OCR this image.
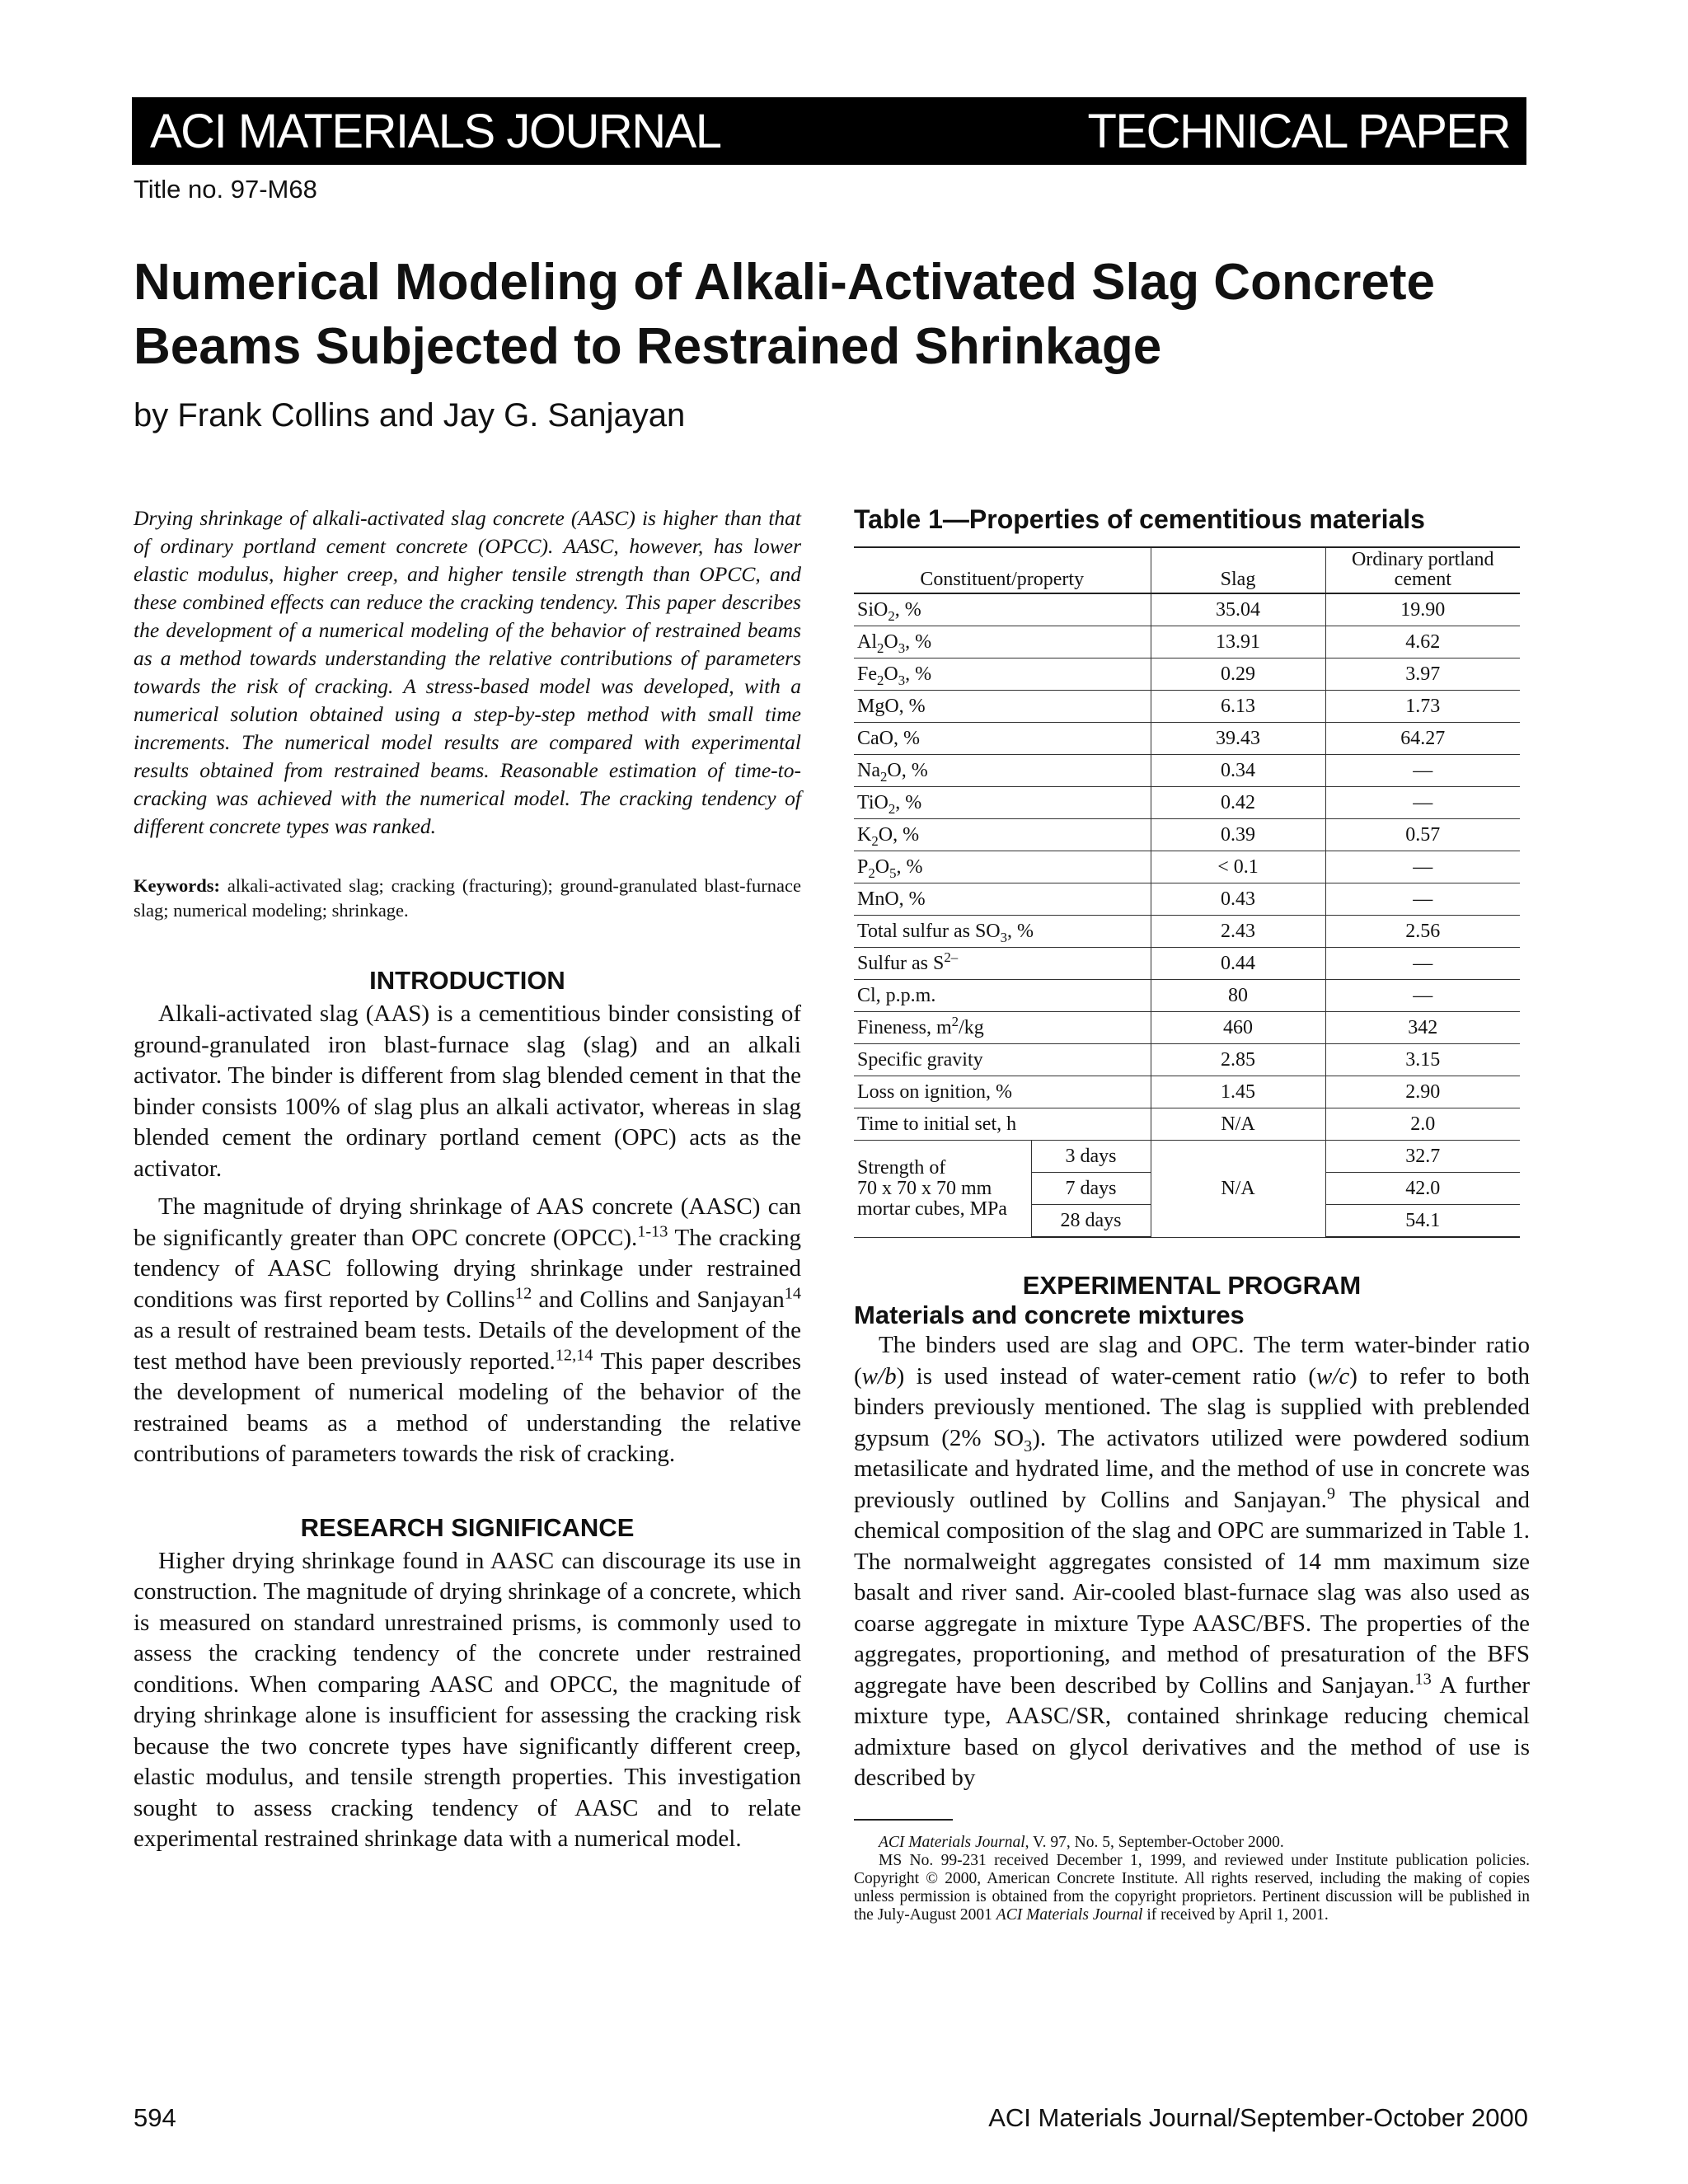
ACI MATERIALS JOURNAL	TECHNICAL PAPER
Title no. 97-M68
Numerical Modeling of Alkali-Activated Slag Concrete Beams Subjected to Restrained Shrinkage
by Frank Collins and Jay G. Sanjayan

Drying shrinkage of alkali-activated slag concrete (AASC) is higher than that of ordinary portland cement concrete (OPCC). AASC, however, has lower elastic modulus, higher creep, and higher tensile strength than OPCC, and these combined effects can reduce the cracking tendency. This paper describes the development of a numerical modeling of the behavior of restrained beams as a method towards understanding the relative contributions of parameters towards the risk of cracking. A stress-based model was developed, with a numerical solution obtained using a step-by-step method with small time increments. The numerical model results are compared with experimental results obtained from restrained beams. Reasonable estimation of time-to-cracking was achieved with the numerical model. The cracking tendency of different concrete types was ranked.

Keywords: alkali-activated slag; cracking (fracturing); ground-granulated blast-furnace slag; numerical modeling; shrinkage.

INTRODUCTION

Alkali-activated slag (AAS) is a cementitious binder consisting of ground-granulated iron blast-furnace slag (slag) and an alkali activator. The binder is different from slag blended cement in that the binder consists 100% of slag plus an alkali activator, whereas in slag blended cement the ordinary portland cement (OPC) acts as the activator.

The magnitude of drying shrinkage of AAS concrete (AASC) can be significantly greater than OPC concrete (OPCC).$^{1-13}$ The cracking tendency of AASC following drying shrinkage under restrained conditions was first reported by Collins$^{12}$ and Collins and Sanjayan$^{14}$ as a result of restrained beam tests. Details of the development of the test method have been previously reported.$^{12,14}$ This paper describes the development of numerical modeling of the behavior of the restrained beams as a method of understanding the relative contributions of parameters towards the risk of cracking.

RESEARCH SIGNIFICANCE

Higher drying shrinkage found in AASC can discourage its use in construction. The magnitude of drying shrinkage of a concrete, which is measured on standard unrestrained prisms, is commonly used to assess the cracking tendency of the concrete under restrained conditions. When comparing AASC and OPCC, the magnitude of drying shrinkage alone is insufficient for assessing the cracking risk because the two concrete types have significantly different creep, elastic modulus, and tensile strength properties. This investigation sought to assess cracking tendency of AASC and to relate experimental restrained shrinkage data with a numerical model.

Table 1—Properties of cementitious materials
Constituent/property		Slag	Ordinary portland cement
SiO$_2$, %		35.04	19.90
$Al_2O_3$, %		13.91	4.62
$Fe_2O_3$, %		0.29	3.97
MgO, %		6.13	1.73
CaO, %		39.43	64.27
$Na_2O$, %		0.34	—
TiO$_2$, %		0.42	—
$K_2O$, %		0.39	0.57
$P_2O_5$, %		< 0.1	—
MnO, %		0.43	—
Total sulfur as $SO_3$, %		2.43	2.56
Sulfur as $S^{2-}$		0.44	—
Cl, p.p.m.		80	—
Fineness, $m^2/kg$		460	342
Specific gravity		2.85	3.15
Loss on ignition, %		1.45	2.90
Time to initial set, h		N/A	2.0
Strength of
70 x 70 x 70 mm
mortar cubes, MPa	3 days	N/A	32.7
	7 days		42.0
	28 days		54.1
EXPERIMENTAL PROGRAM
Materials and concrete mixtures

The binders used are slag and OPC. The term water-binder ratio (w/b) is used instead of water-cement ratio (w/c) to refer to both binders previously mentioned. The slag is supplied with preblended gypsum (2% $SO_3$). The activators utilized were powdered sodium metasilicate and hydrated lime, and the method of use in concrete was previously outlined by Collins and Sanjayan.$^9$ The physical and chemical composition of the slag and OPC are summarized in Table 1. The normalweight aggregates consisted of 14 mm maximum size basalt and river sand. Air-cooled blast-furnace slag was also used as coarse aggregate in mixture Type AASC/BFS. The properties of the aggregates, proportioning, and method of presaturation of the BFS aggregate have been described by Collins and Sanjayan.$^{13}$ A further mixture type, AASC/SR, contained shrinkage reducing chemical admixture based on glycol derivatives and the method of use is described by

ACI Materials Journal, V. 97, No. 5, September-October 2000.

MS No. 99-231 received December 1, 1999, and reviewed under Institute publication policies. Copyright © 2000, American Concrete Institute. All rights reserved, including the making of copies unless permission is obtained from the copyright proprietors. Pertinent discussion will be published in the July-August 2001 ACI Materials Journal if received by April 1, 2001.

594	ACI Materials Journal/September-October 2000
